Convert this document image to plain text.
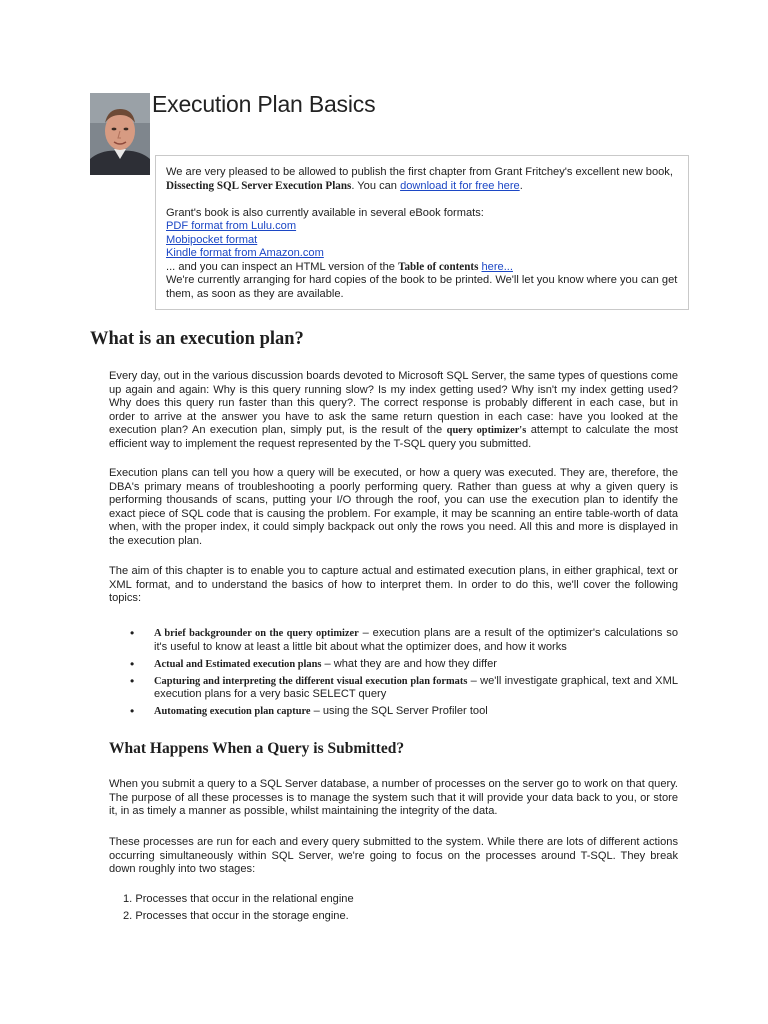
Execution Plan Basics

We are very pleased to be allowed to publish the first chapter from Grant Fritchey's excellent new book, Dissecting SQL Server Execution Plans. You can download it for free here.

Grant's book is also currently available in several eBook formats:

PDF format from Lulu.com

Mobipocket format

Kindle format from Amazon.com

... and you can inspect an HTML version of the Table of contents here...

We're currently arranging for hard copies of the book to be printed. We'll let you know where you can get them, as soon as they are available.

What is an execution plan?

Every day, out in the various discussion boards devoted to Microsoft SQL Server, the same types of questions come up again and again: Why is this query running slow? Is my index getting used? Why isn't my index getting used? Why does this query run faster than this query?. The correct response is probably different in each case, but in order to arrive at the answer you have to ask the same return question in each case: have you looked at the execution plan? An execution plan, simply put, is the result of the query optimizer's attempt to calculate the most efficient way to implement the request represented by the T-SQL query you submitted.

Execution plans can tell you how a query will be executed, or how a query was executed. They are, therefore, the DBA's primary means of troubleshooting a poorly performing query. Rather than guess at why a given query is performing thousands of scans, putting your I/O through the roof, you can use the execution plan to identify the exact piece of SQL code that is causing the problem. For example, it may be scanning an entire table-worth of data when, with the proper index, it could simply backpack out only the rows you need. All this and more is displayed in the execution plan.

The aim of this chapter is to enable you to capture actual and estimated execution plans, in either graphical, text or XML format, and to understand the basics of how to interpret them. In order to do this, we'll cover the following topics:

• A brief backgrounder on the query optimizer – execution plans are a result of the optimizer's calculations so it's useful to know at least a little bit about what the optimizer does, and how it works
• Actual and Estimated execution plans – what they are and how they differ
• Capturing and interpreting the different visual execution plan formats – we'll investigate graphical, text and XML execution plans for a very basic SELECT query
• Automating execution plan capture – using the SQL Server Profiler tool
What Happens When a Query is Submitted?

When you submit a query to a SQL Server database, a number of processes on the server go to work on that query. The purpose of all these processes is to manage the system such that it will provide your data back to you, or store it, in as timely a manner as possible, whilst maintaining the integrity of the data.

These processes are run for each and every query submitted to the system. While there are lots of different actions occurring simultaneously within SQL Server, we're going to focus on the processes around T-SQL. They break down roughly into two stages:

1. Processes that occur in the relational engine
2. Processes that occur in the storage engine.
